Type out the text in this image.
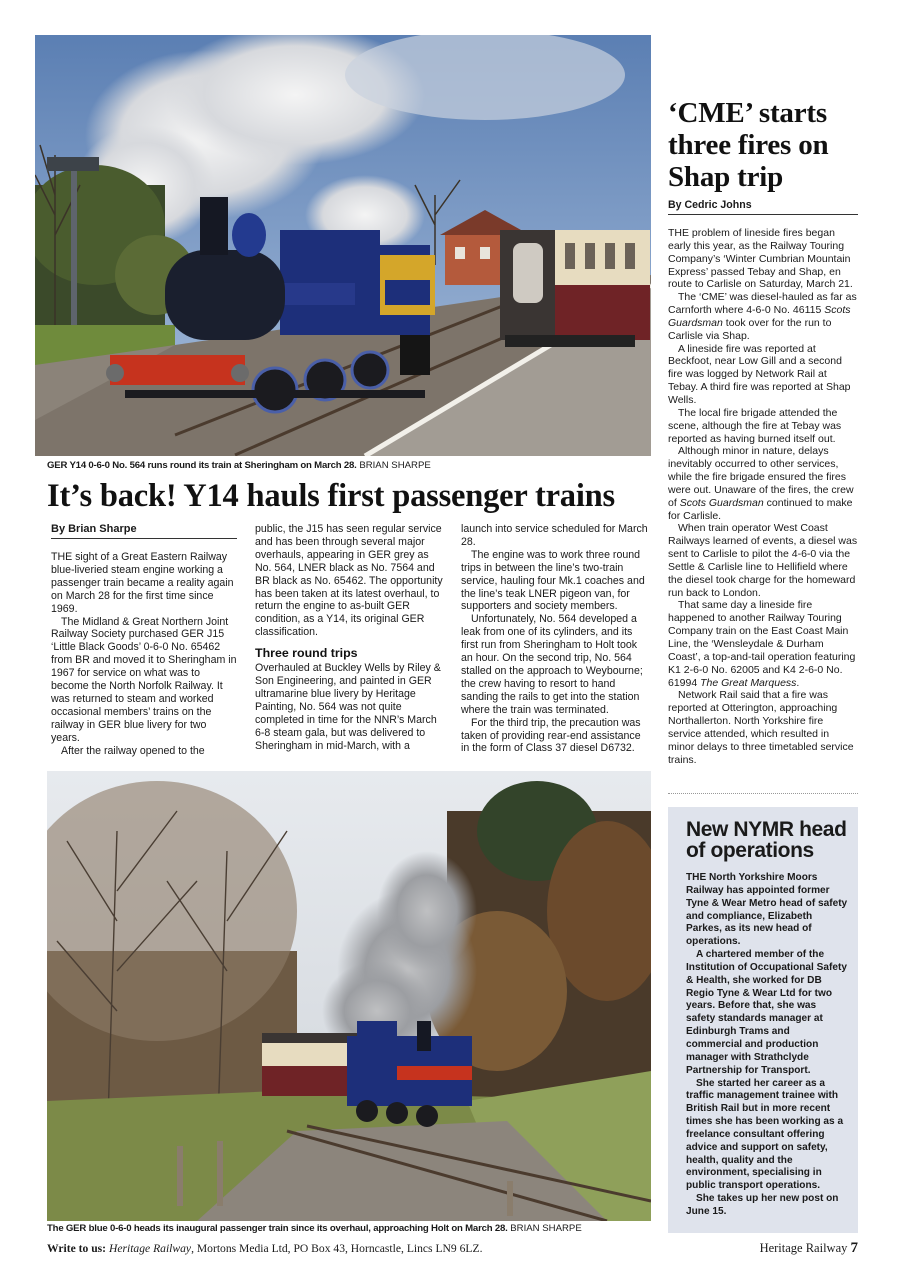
GER Y14 0-6-0 No. 564 runs round its train at Sheringham on March 28. BRIAN SHARPE
It’s back! Y14 hauls first passenger trains
By Brian Sharpe

THE sight of a Great Eastern Railway blue-liveried steam engine working a passenger train became a reality again on March 28 for the first time since 1969.

The Midland & Great Northern Joint Railway Society purchased GER J15 ‘Little Black Goods’ 0-6-0 No. 65462 from BR and moved it to Sheringham in 1967 for service on what was to become the North Norfolk Railway. It was returned to steam and worked occasional members’ trains on the railway in GER blue livery for two years.

After the railway opened to the

public, the J15 has seen regular service and has been through several major overhauls, appearing in GER grey as No. 564, LNER black as No. 7564 and BR black as No. 65462. The opportunity has been taken at its latest overhaul, to return the engine to as-built GER condition, as a Y14, its original GER classification.

Three round trips

Overhauled at Buckley Wells by Riley & Son Engineering, and painted in GER ultramarine blue livery by Heritage Painting, No. 564 was not quite completed in time for the NNR’s March 6-8 steam gala, but was delivered to Sheringham in mid-March, with a

launch into service scheduled for March 28.

The engine was to work three round trips in between the line’s two-train service, hauling four Mk.1 coaches and the line’s teak LNER pigeon van, for supporters and society members.

Unfortunately, No. 564 developed a leak from one of its cylinders, and its first run from Sheringham to Holt took an hour. On the second trip, No. 564 stalled on the approach to Weybourne; the crew having to resort to hand sanding the rails to get into the station where the train was terminated.

For the third trip, the precaution was taken of providing rear-end assistance in the form of Class 37 diesel D6732.

‘CME’ starts three fires on Shap trip
By Cedric Johns

THE problem of lineside fires began early this year, as the Railway Touring Company’s ‘Winter Cumbrian Mountain Express’ passed Tebay and Shap, en route to Carlisle on Saturday, March 21.

The ‘CME’ was diesel-hauled as far as Carnforth where 4-6-0 No. 46115 Scots Guardsman took over for the run to Carlisle via Shap.

A lineside fire was reported at Beckfoot, near Low Gill and a second fire was logged by Network Rail at Tebay. A third fire was reported at Shap Wells.

The local fire brigade attended the scene, although the fire at Tebay was reported as having burned itself out.

Although minor in nature, delays inevitably occurred to other services, while the fire brigade ensured the fires were out. Unaware of the fires, the crew of Scots Guardsman continued to make for Carlisle.

When train operator West Coast Railways learned of events, a diesel was sent to Carlisle to pilot the 4-6-0 via the Settle & Carlisle line to Hellifield where the diesel took charge for the homeward run back to London.

That same day a lineside fire happened to another Railway Touring Company train on the East Coast Main Line, the ‘Wensleydale & Durham Coast’, a top-and-tail operation featuring K1 2-6-0 No. 62005 and K4 2-6-0 No. 61994 The Great Marquess.

Network Rail said that a fire was reported at Otterington, approaching Northallerton. North Yorkshire fire service attended, which resulted in minor delays to three timetabled service trains.

New NYMR head of operations

THE North Yorkshire Moors Railway has appointed former Tyne & Wear Metro head of safety and compliance, Elizabeth Parkes, as its new head of operations.

A chartered member of the Institution of Occupational Safety & Health, she worked for DB Regio Tyne & Wear Ltd for two years. Before that, she was safety standards manager at Edinburgh Trams and commercial and production manager with Strathclyde Partnership for Transport.

She started her career as a traffic management trainee with British Rail but in more recent times she has been working as a freelance consultant offering advice and support on safety, health, quality and the environment, specialising in public transport operations.

She takes up her new post on June 15.

The GER blue 0-6-0 heads its inaugural passenger train since its overhaul, approaching Holt on March 28. BRIAN SHARPE
Write to us: Heritage Railway, Mortons Media Ltd, PO Box 43, Horncastle, Lincs LN9 6LZ.	Heritage Railway 7
